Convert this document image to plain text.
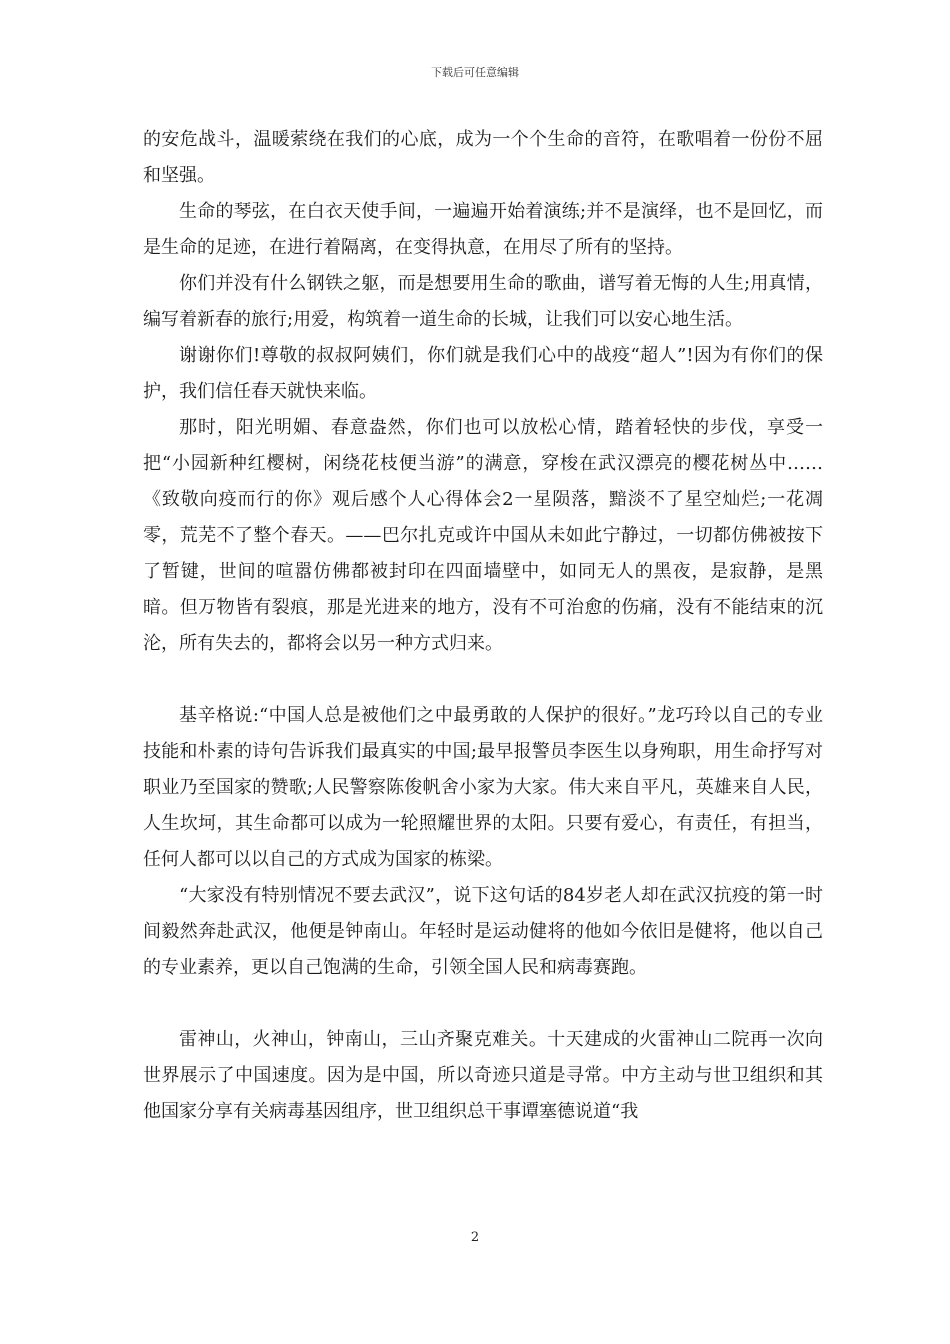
下载后可任意编辑

的安危战斗，温暖萦绕在我们的心底，成为一个个生命的音符，在歌唱着一份份不屈和坚强。

生命的琴弦，在白衣天使手间，一遍遍开始着演练;并不是演绎，也不是回忆，而是生命的足迹，在进行着隔离，在变得执意，在用尽了所有的坚持。

你们并没有什么钢铁之躯，而是想要用生命的歌曲，谱写着无悔的人生;用真情，编写着新春的旅行;用爱，构筑着一道生命的长城，让我们可以安心地生活。

谢谢你们!尊敬的叔叔阿姨们，你们就是我们心中的战疫“超人”!因为有你们的保护，我们信任春天就快来临。

那时，阳光明媚、春意盎然，你们也可以放松心情，踏着轻快的步伐，享受一把“小园新种红樱树，闲绕花枝便当游”的满意，穿梭在武汉漂亮的樱花树丛中……《致敬向疫而行的你》观后感个人心得体会2一星陨落，黯淡不了星空灿烂;一花凋零，荒芜不了整个春天。——巴尔扎克或许中国从未如此宁静过，一切都仿佛被按下了暂键，世间的喧嚣仿佛都被封印在四面墙壁中，如同无人的黑夜，是寂静，是黑暗。但万物皆有裂痕，那是光进来的地方，没有不可治愈的伤痛，没有不能结束的沉沦，所有失去的，都将会以另一种方式归来。

基辛格说:“中国人总是被他们之中最勇敢的人保护的很好。”龙巧玲以自己的专业技能和朴素的诗句告诉我们最真实的中国;最早报警员李医生以身殉职，用生命抒写对职业乃至国家的赞歌;人民警察陈俊帆舍小家为大家。伟大来自平凡，英雄来自人民，人生坎坷，其生命都可以成为一轮照耀世界的太阳。只要有爱心，有责任，有担当，任何人都可以以自己的方式成为国家的栋梁。

“大家没有特别情况不要去武汉”，说下这句话的84岁老人却在武汉抗疫的第一时间毅然奔赴武汉，他便是钟南山。年轻时是运动健将的他如今依旧是健将，他以自己的专业素养，更以自己饱满的生命，引领全国人民和病毒赛跑。

雷神山，火神山，钟南山，三山齐聚克难关。十天建成的火雷神山二院再一次向世界展示了中国速度。因为是中国，所以奇迹只道是寻常。中方主动与世卫组织和其他国家分享有关病毒基因组序，世卫组织总干事谭塞德说道“我

2
